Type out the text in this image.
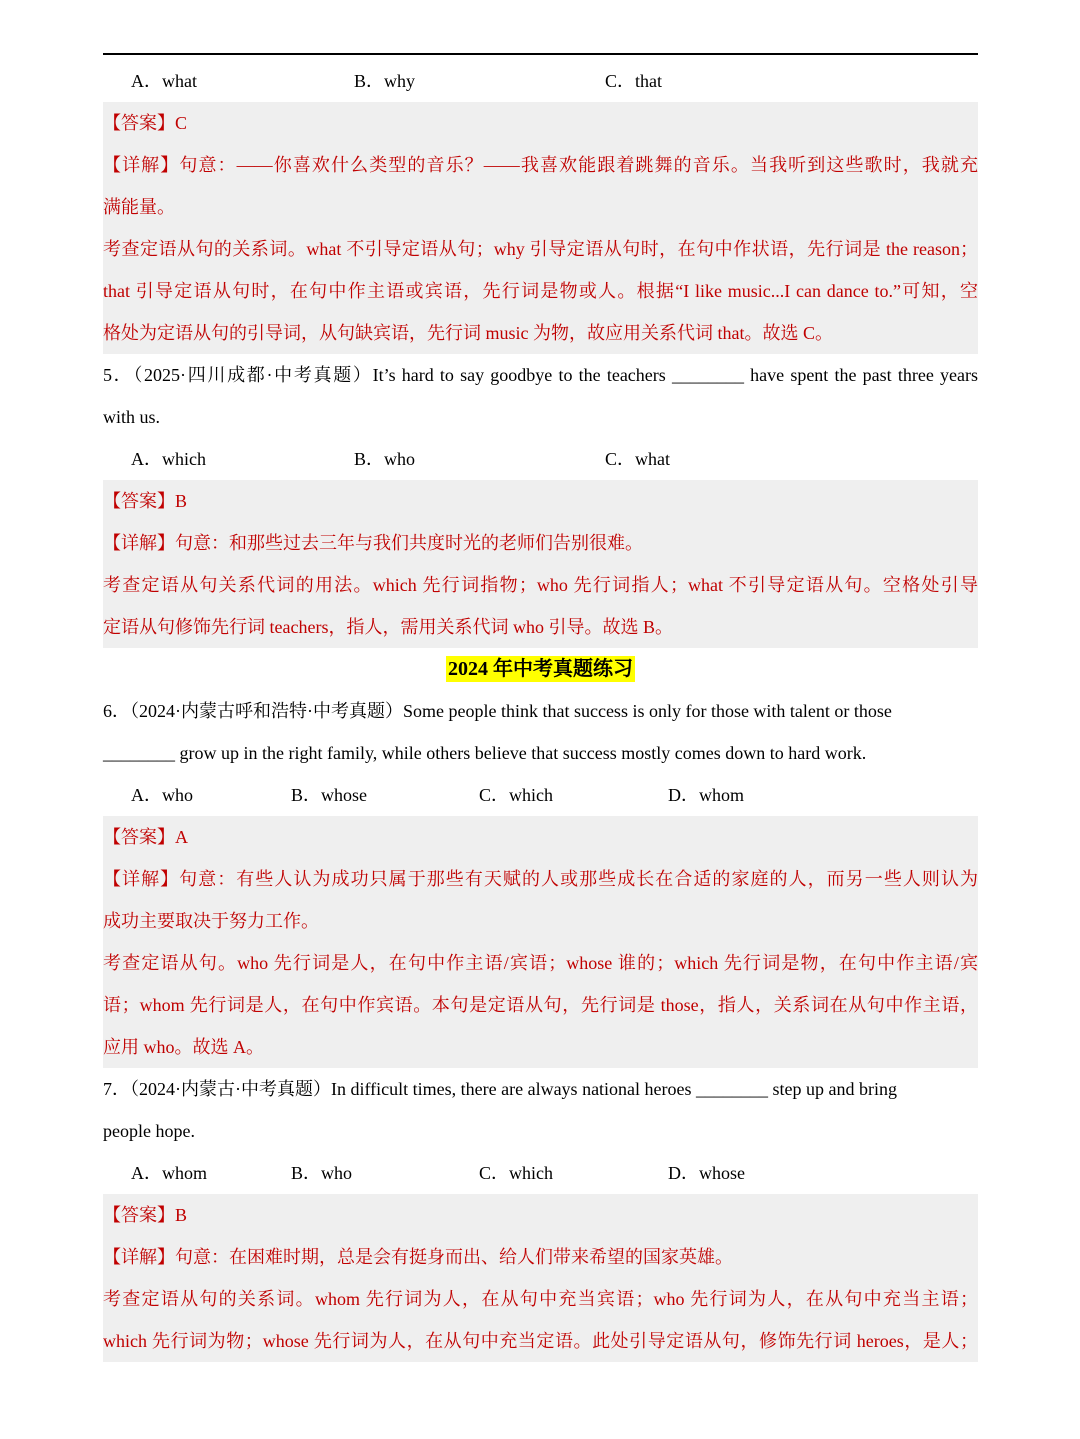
A．what	B．why	C．that
【答案】C
【详解】句意：——你喜欢什么类型的音乐？——我喜欢能跟着跳舞的音乐。当我听到这些歌时，我就充
满能量。
考查定语从句的关系词。what 不引导定语从句；why 引导定语从句时，在句中作状语，先行词是 the reason；
that 引导定语从句时，在句中作主语或宾语，先行词是物或人。根据“I like music...I can dance to.”可知，空
格处为定语从句的引导词，从句缺宾语，先行词 music 为物，故应用关系代词 that。故选 C。
5．（2025·四川成都·中考真题）It’s hard to say goodbye to the teachers ________ have spent the past three years
with us.
A．which	B．who	C．what
【答案】B
【详解】句意：和那些过去三年与我们共度时光的老师们告别很难。
考查定语从句关系代词的用法。which 先行词指物；who 先行词指人；what 不引导定语从句。空格处引导
定语从句修饰先行词 teachers，指人，需用关系代词 who 引导。故选 B。
2024 年中考真题练习
6．（2024·内蒙古呼和浩特·中考真题）Some people think that success is only for those with talent or those
________ grow up in the right family, while others believe that success mostly comes down to hard work.
A．who	B．whose	C．which	D．whom
【答案】A
【详解】句意：有些人认为成功只属于那些有天赋的人或那些成长在合适的家庭的人，而另一些人则认为
成功主要取决于努力工作。
考查定语从句。who 先行词是人，在句中作主语/宾语；whose 谁的；which 先行词是物，在句中作主语/宾
语；whom 先行词是人，在句中作宾语。本句是定语从句，先行词是 those，指人，关系词在从句中作主语，
应用 who。故选 A。
7．（2024·内蒙古·中考真题）In difficult times, there are always national heroes ________ step up and bring
people hope.
A．whom	B．who	C．which	D．whose
【答案】B
【详解】句意：在困难时期，总是会有挺身而出、给人们带来希望的国家英雄。
考查定语从句的关系词。whom 先行词为人，在从句中充当宾语；who 先行词为人，在从句中充当主语；
which 先行词为物；whose 先行词为人，在从句中充当定语。此处引导定语从句，修饰先行词 heroes，是人；
